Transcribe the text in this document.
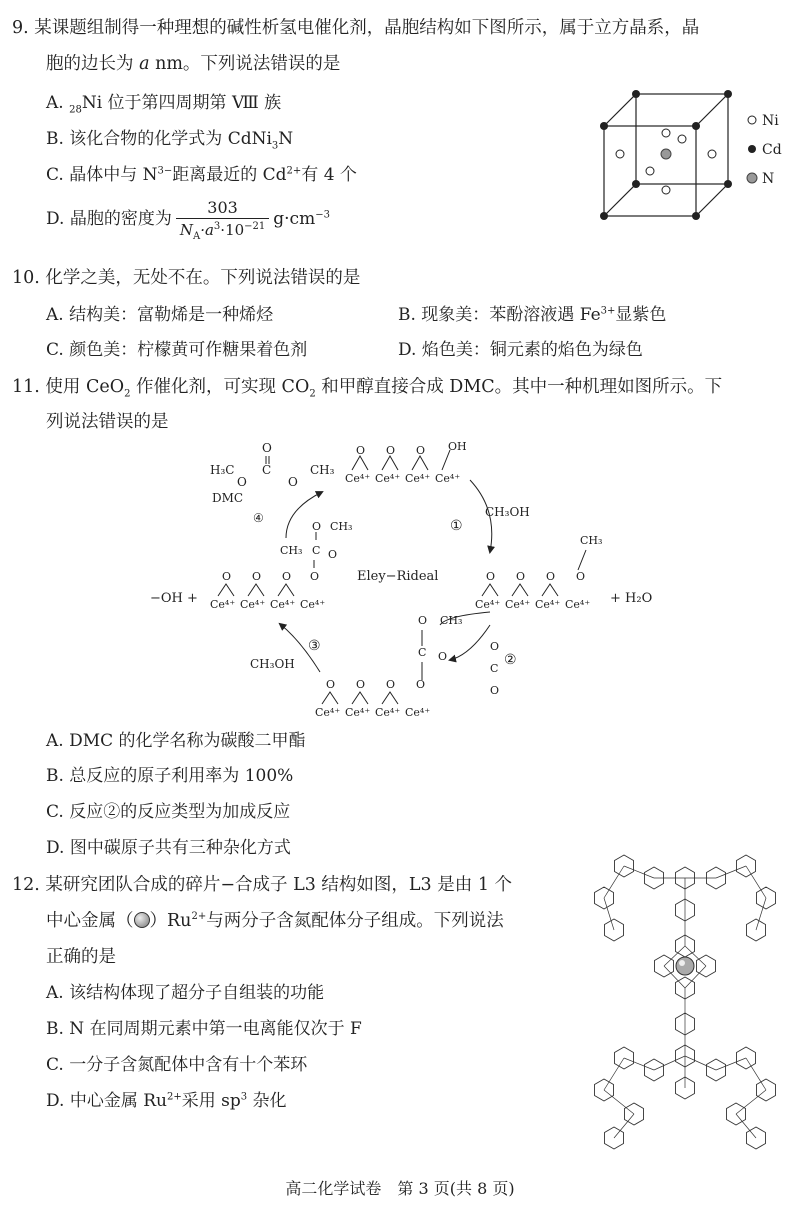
9. 某课题组制得一种理想的碱性析氢电催化剂，晶胞结构如下图所示，属于立方晶系，晶
胞的边长为 a nm。下列说法错误的是
A. $_{28}$Ni 位于第四周期第 Ⅷ 族
B. 该化合物的化学式为 CdNi$_3$N
C. 晶体中与 $N^{3-}$距离最近的 $Cd^{2+}$有 4 个
D. 晶胞的密度为 $\frac{303}{N_A\cdot a^3\cdot 10^{-21}} g\cdot cm^{-3}$
Ni
Cd
N
10. 化学之美，无处不在。下列说法错误的是
A. 结构美：富勒烯是一种烯烃	B. 现象美：苯酚溶液遇 $Fe^{3+}$显紫色
C. 颜色美：柠檬黄可作糖果着色剂	D. 焰色美：铜元素的焰色为绿色
11. 使用 CeO$_2$ 作催化剂，可实现 $CO_2$ 和甲醇直接合成 DMC。其中一种机理如图所示。下
列说法错误的是
Ce⁴⁺ Ce⁴⁺ Ce⁴⁺ Ce⁴⁺
O O O OH
H₃C
O
C
O
CH₃
O
DMC
④	①
CH₃OH
Ce⁴⁺ Ce⁴⁺ Ce⁴⁺ Ce⁴⁺
O O O O
CH₃
+ H₂O
Eley−Rideal
Ce⁴⁺ Ce⁴⁺ Ce⁴⁺ Ce⁴⁺
O O O O
CH₃ C O
O CH₃
−OH +
③
CH₃OH
Ce⁴⁺ Ce⁴⁺ Ce⁴⁺ Ce⁴⁺
O O O O
O CH₃
C O	②
O
C
O
A. DMC 的化学名称为碳酸二甲酯
B. 总反应的原子利用率为 100%
C. 反应②的反应类型为加成反应
D. 图中碳原子共有三种杂化方式
12. 某研究团队合成的碎片−合成子 L3 结构如图，L3 是由 1 个
中心金属（ ）$Ru^{2+}$与两分子含氮配体分子组成。下列说法
正确的是
A. 该结构体现了超分子自组装的功能
B. N 在同周期元素中第一电离能仅次于 F
C. 一分子含氮配体中含有十个苯环
D. 中心金属 $Ru^{2+}$采用 $sp^3$ 杂化
高二化学试卷　第 3 页(共 8 页)
